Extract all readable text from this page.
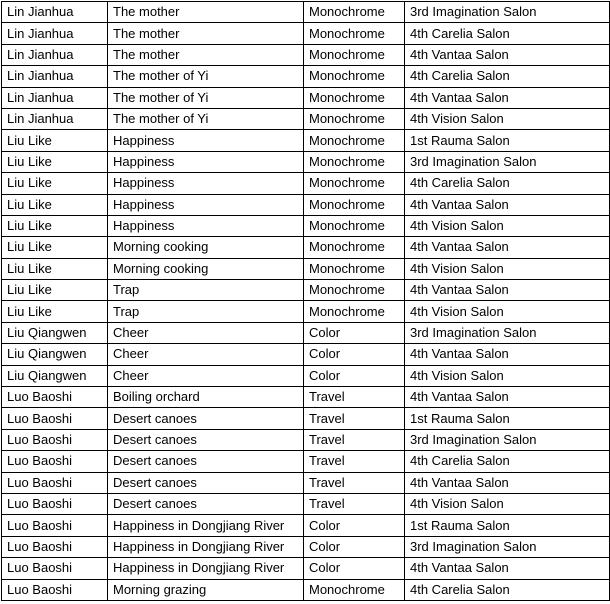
Lin Jianhua	The mother	Monochrome	3rd Imagination Salon
Lin Jianhua	The mother	Monochrome	4th Carelia Salon
Lin Jianhua	The mother	Monochrome	4th Vantaa Salon
Lin Jianhua	The mother of Yi	Monochrome	4th Carelia Salon
Lin Jianhua	The mother of Yi	Monochrome	4th Vantaa Salon
Lin Jianhua	The mother of Yi	Monochrome	4th Vision Salon
Liu Like	Happiness	Monochrome	1st Rauma Salon
Liu Like	Happiness	Monochrome	3rd Imagination Salon
Liu Like	Happiness	Monochrome	4th Carelia Salon
Liu Like	Happiness	Monochrome	4th Vantaa Salon
Liu Like	Happiness	Monochrome	4th Vision Salon
Liu Like	Morning cooking	Monochrome	4th Vantaa Salon
Liu Like	Morning cooking	Monochrome	4th Vision Salon
Liu Like	Trap	Monochrome	4th Vantaa Salon
Liu Like	Trap	Monochrome	4th Vision Salon
Liu Qiangwen	Cheer	Color	3rd Imagination Salon
Liu Qiangwen	Cheer	Color	4th Vantaa Salon
Liu Qiangwen	Cheer	Color	4th Vision Salon
Luo Baoshi	Boiling orchard	Travel	4th Vantaa Salon
Luo Baoshi	Desert canoes	Travel	1st Rauma Salon
Luo Baoshi	Desert canoes	Travel	3rd Imagination Salon
Luo Baoshi	Desert canoes	Travel	4th Carelia Salon
Luo Baoshi	Desert canoes	Travel	4th Vantaa Salon
Luo Baoshi	Desert canoes	Travel	4th Vision Salon
Luo Baoshi	Happiness in Dongjiang River	Color	1st Rauma Salon
Luo Baoshi	Happiness in Dongjiang River	Color	3rd Imagination Salon
Luo Baoshi	Happiness in Dongjiang River	Color	4th Vantaa Salon
Luo Baoshi	Morning grazing	Monochrome	4th Carelia Salon
